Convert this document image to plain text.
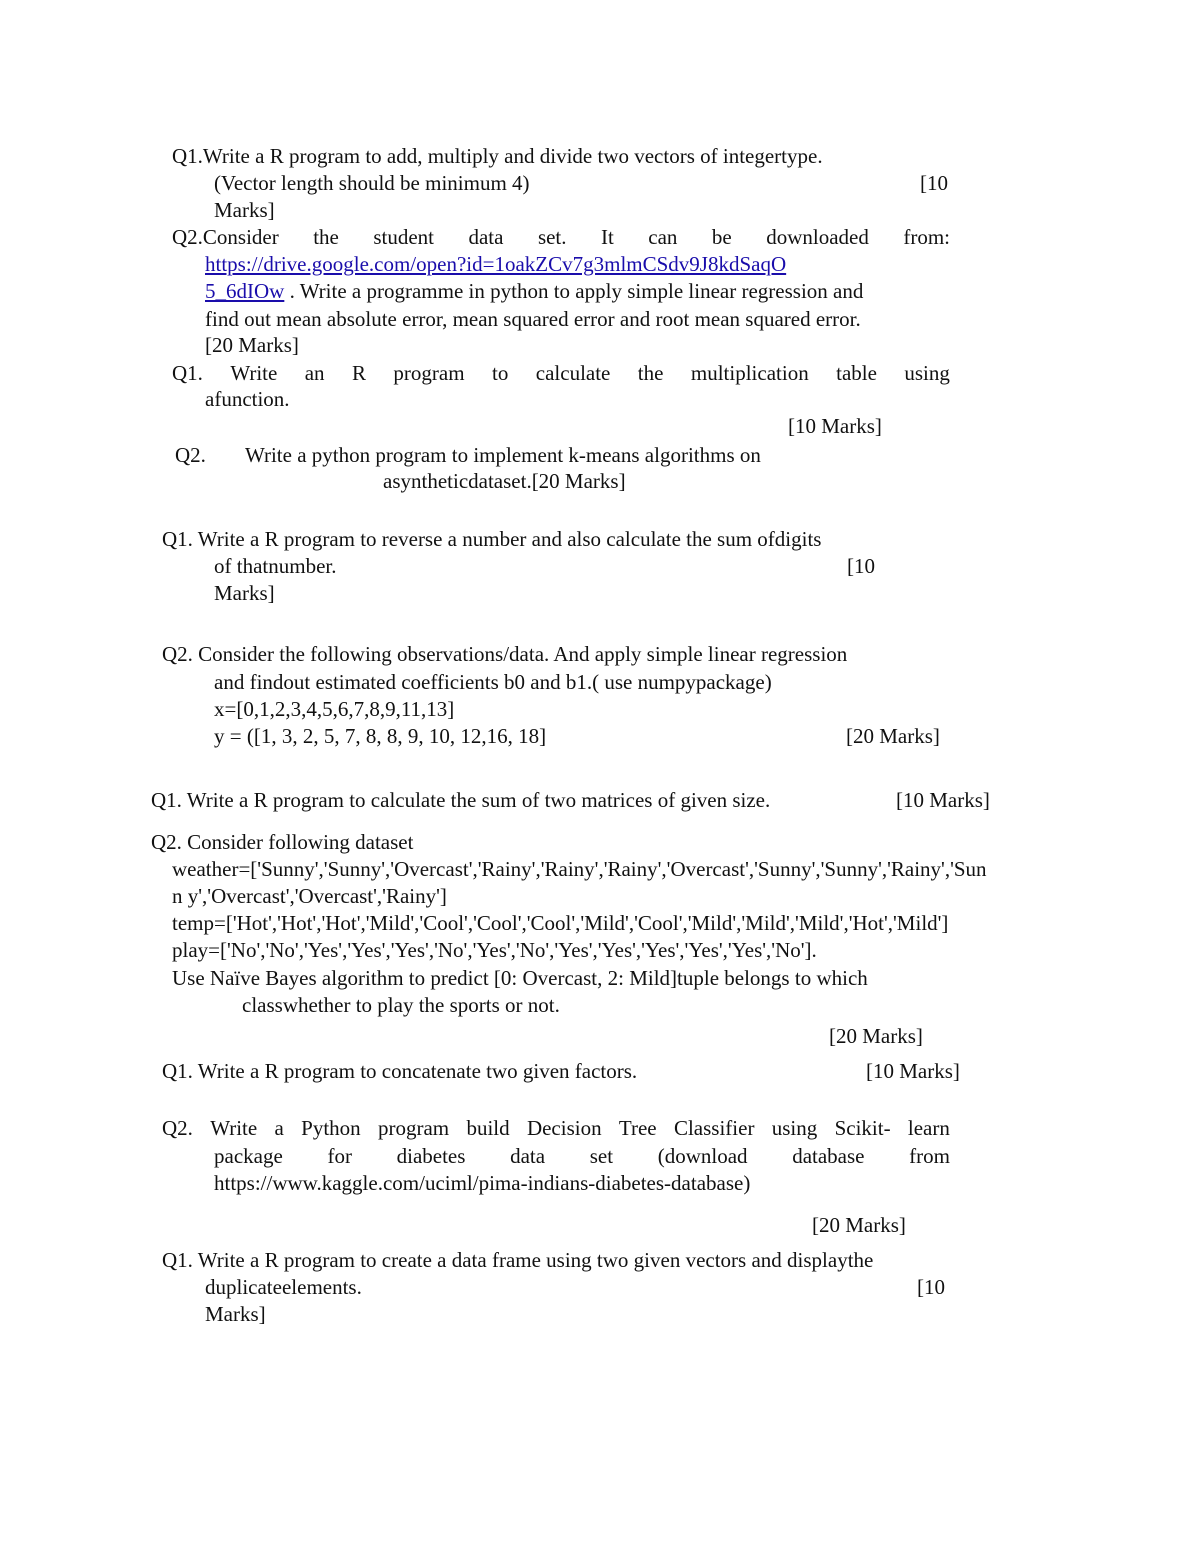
Q1.Write a R program to add, multiply and divide two vectors of integertype.
(Vector length should be minimum 4)	[10
Marks]
Q2.Consider the student data set. It can be downloaded from:
https://drive.google.com/open?id=1oakZCv7g3mlmCSdv9J8kdSaqO
5_6dIOw . Write a programme in python to apply simple linear regression and
find out mean absolute error, mean squared error and root mean squared error.
[20 Marks]
Q1. Write an R program to calculate the multiplication table using
afunction.
[10 Marks]
Q2. Write a python program to implement k-means algorithms on
asyntheticdataset.[20 Marks]
Q1. Write a R program to reverse a number and also calculate the sum ofdigits
of thatnumber.	[10
Marks]
Q2. Consider the following observations/data. And apply simple linear regression
and findout estimated coefficients b0 and b1.( use numpypackage)
x=[0,1,2,3,4,5,6,7,8,9,11,13]
y = ([1, 3, 2, 5, 7, 8, 8, 9, 10, 12,16, 18]	[20 Marks]
Q1. Write a R program to calculate the sum of two matrices of given size.	[10 Marks]
Q2. Consider following dataset
weather=['Sunny','Sunny','Overcast','Rainy','Rainy','Rainy','Overcast','Sunny','Sunny','Rainy','Sun
n y','Overcast','Overcast','Rainy']
temp=['Hot','Hot','Hot','Mild','Cool','Cool','Cool','Mild','Cool','Mild','Mild','Mild','Hot','Mild']
play=['No','No','Yes','Yes','Yes','No','Yes','No','Yes','Yes','Yes','Yes','Yes','No'].
Use Naïve Bayes algorithm to predict [0: Overcast, 2: Mild]tuple belongs to which
classwhether to play the sports or not.
[20 Marks]
Q1. Write a R program to concatenate two given factors.	[10 Marks]
Q2. Write a Python program build Decision Tree Classifier using Scikit- learn
package for diabetes data set (download database from
https://www.kaggle.com/uciml/pima-indians-diabetes-database)
[20 Marks]
Q1. Write a R program to create a data frame using two given vectors and displaythe
duplicateelements.	[10
Marks]
